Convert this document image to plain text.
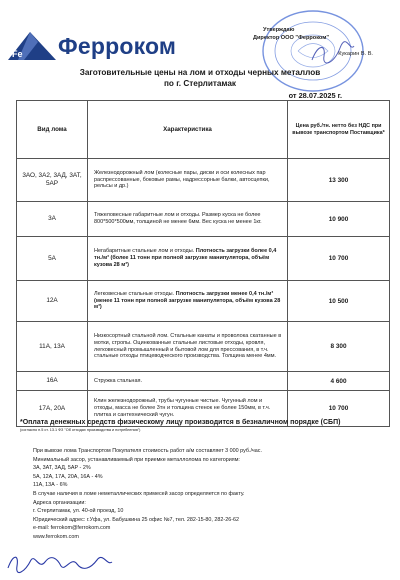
Fe Ферроком
Утверждаю
Директор ООО "Ферроком"
Кукарин В. В.
Заготовительные цены на лом и отходы черных металлов
по г. Стерлитамак
от 28.07.2025 г.
Вид лома	Характеристика	Цена руб./тн. нетто без НДС при вывозе транспортом Поставщика*
3АО, 3А2, 3АД, 3АТ, 5АР	Железнодорожный лом (колесные пары, диски и оси колесных пар распрессованные, боковые рамы, надрессорные балки, автосцепки, рельсы и др.)	13 300
3А	Тяжеловесные габаритные лом и отходы. Размер куска не более 800*500*500мм, толщиной не менее 6мм. Вес куска не менее 1кг.	10 900
5А	Негабаритные стальные лом и отходы. Плотность загрузки более 0,4 тн./м³ (более 11 тонн при полной загрузке манипулятора, объём кузова 28 м³)	10 700
12А	Легковесные стальные отходы. Плотность загрузки менее 0,4 тн./м³ (менее 11 тонн при полной загрузке манипулятора, объём кузова 28 м³)	10 500
11А, 13А	Низкосортный стальной лом. Стальные канаты и проволока скатанные в мотки, стропы. Оцинкованные стальные листовые отходы, кровля, легковесный промышленный и бытовой лом для прессования, в т.ч. стальные отходы птицеводческого производства. Толщина менее 4мм.	8 300
16А	Стружка стальная.	4 600
17А, 20А	Клин железнодорожный, трубы чугунные чистые. Чугунный лом и отходы, масса не более 3тн и толщина стенок не более 150мм, в т.ч. плитка и сантехнический чугун.	10 700
*Оплата денежных средств физическому лицу производится в безналичном порядке (СБП)
(согласно п.5 ст. 13.1 ФЗ "Об отходах производства и потребления")
При вывозе лома Транспортом Покупателя стоимость работ а/м составляет 3 000 руб./час.
Минимальный засор, устанавливаемый при приемке металлолома по категориям:
3А, 3АТ, 3АД, 5АР - 2%
5А, 12А, 17А, 20А, 16А - 4%
11А, 13А - 6%
В случае наличия в ломе неметаллических примесей засор определяется по факту.
Адреса организации:
г. Стерлитамак, ул. 40-ой проезд, 10
Юридический адрес: г.Уфа, ул. Бабушкина 25 офис №7, тел. 282-15-80, 282-26-62
e-mail: ferrokom@ferrokom.com
www.ferrokom.com
